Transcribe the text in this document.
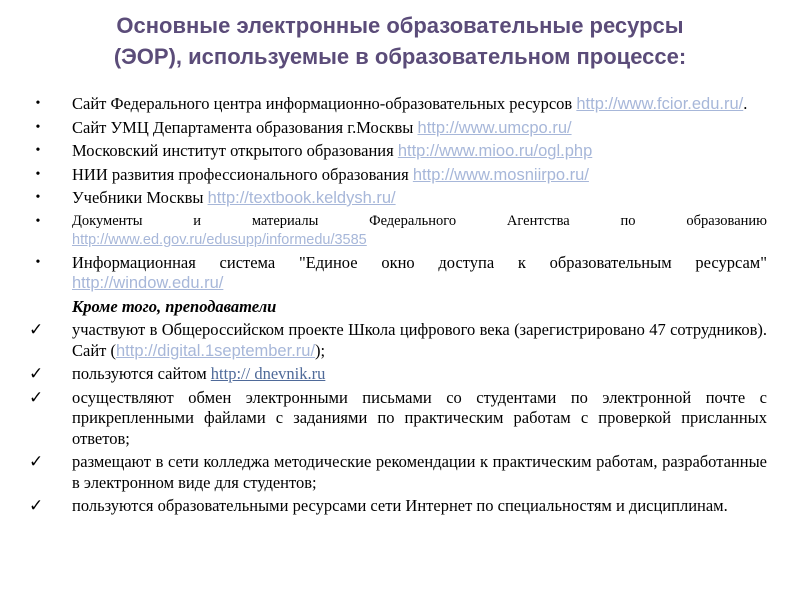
Основные электронные образовательные ресурсы
(ЭОР), используемые в образовательном процессе:
• Сайт Федерального центра информационно-образовательных ресурсов http://www.fcior.edu.ru/.
• Сайт УМЦ Департамента образования г.Москвы http://www.umcpo.ru/
• Московский институт открытого образования http://www.mioo.ru/ogl.php
• НИИ развития профессионального образования http://www.mosniirpo.ru/
• Учебники Москвы http://textbook.keldysh.ru/
•	Документы и материалы Федерального Агентства по образованию http://www.ed.gov.ru/edusupp/informedu/3585
• Информационная система "Единое окно доступа к образовательным ресурсам" http://window.edu.ru/
Кроме того, преподаватели
✓ участвуют в Общероссийском проекте Школа цифрового века (зарегистрировано 47 сотрудников). Сайт (http://digital.1september.ru/);
✓ пользуются сайтом http:// dnevnik.ru
✓ осуществляют обмен электронными письмами со студентами по электронной почте с прикрепленными файлами с заданиями по практическим работам с проверкой присланных ответов;
✓ размещают в сети колледжа методические рекомендации к практическим работам, разработанные в электронном виде для студентов;
✓ пользуются образовательными ресурсами сети Интернет по специальностям и дисциплинам.
